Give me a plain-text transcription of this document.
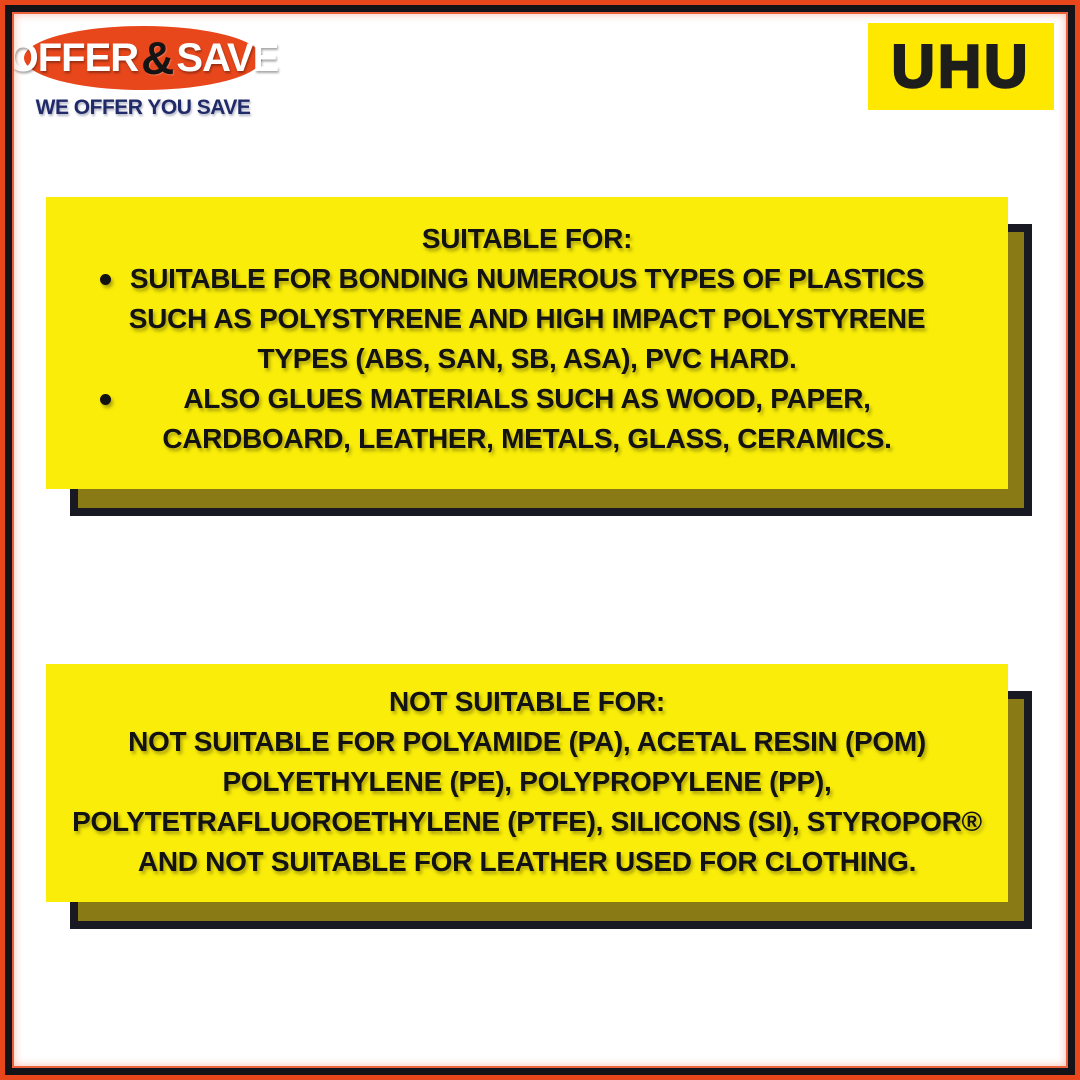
OFFER & SAVE
WE OFFER YOU SAVE
UHU
SUITABLE FOR:
SUITABLE FOR BONDING NUMEROUS TYPES OF PLASTICS SUCH AS POLYSTYRENE AND HIGH IMPACT POLYSTYRENE TYPES (ABS, SAN, SB, ASA), PVC HARD.
ALSO GLUES MATERIALS SUCH AS WOOD, PAPER, CARDBOARD, LEATHER, METALS, GLASS, CERAMICS.
NOT SUITABLE FOR:
NOT SUITABLE FOR POLYAMIDE (PA), ACETAL RESIN (POM) POLYETHYLENE (PE), POLYPROPYLENE (PP), POLYTETRAFLUOROETHYLENE (PTFE), SILICONS (SI), STYROPOR® AND NOT SUITABLE FOR LEATHER USED FOR CLOTHING.
